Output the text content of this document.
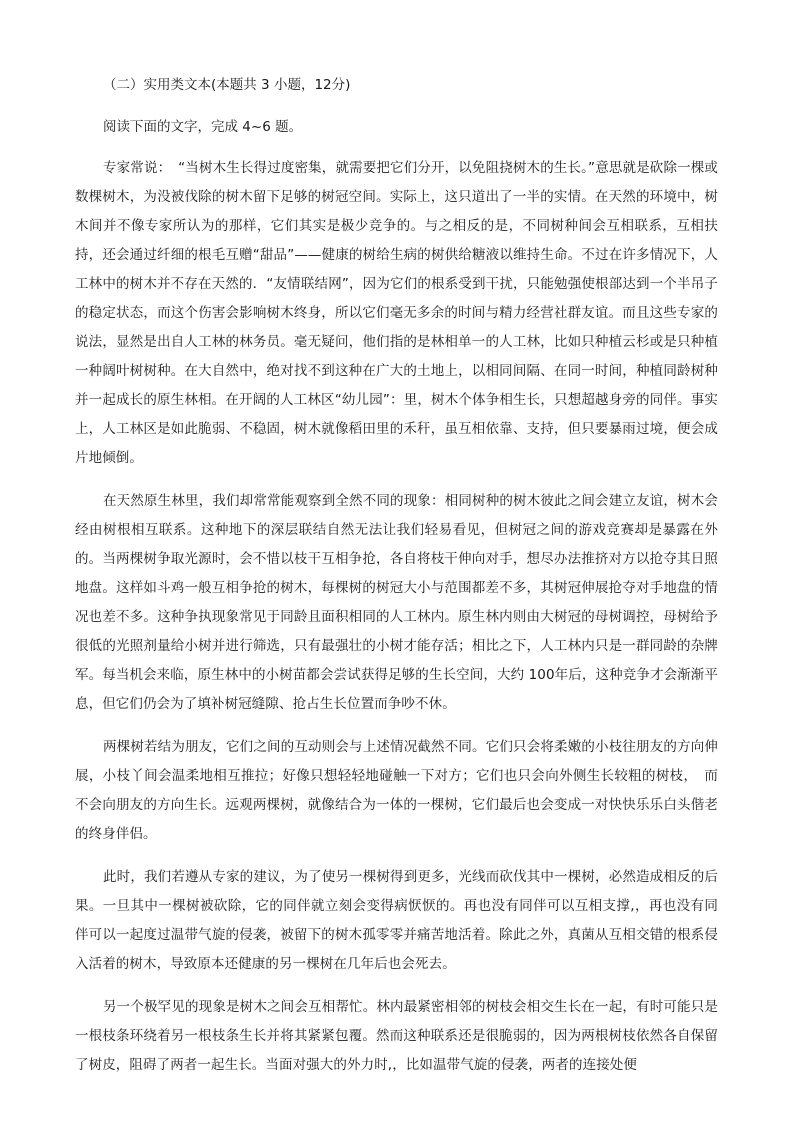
（二）实用类文本(本题共 3 小题，12分)
阅读下面的文字，完成 4~6 题。

专家常说：　“当树木生长得过度密集，就需要把它们分开，以免阻挠树木的生长。”意思就是砍除一棵或数棵树木，为没被伐除的树木留下足够的树冠空间。实际上，这只道出了一半的实情。在天然的环境中，树木间并不像专家所认为的那样，它们其实是极少竞争的。与之相反的是，不同树种间会互相联系，互相扶持，还会通过纤细的根毛互赠“甜品”——健康的树给生病的树供给糖液以维持生命。不过在许多情况下，人工林中的树木并不存在天然的．“友情联结网”，因为它们的根系受到干扰，只能勉强使根部达到一个半吊子的稳定状态，而这个伤害会影响树木终身，所以它们毫无多余的时间与精力经营社群友谊。而且这些专家的说法，显然是出自人工林的林务员。毫无疑问，他们指的是林相单一的人工林，比如只种植云杉或是只种植一种阔叶树树种。在大自然中，绝对找不到这种在广大的土地上，以相同间隔、在同一时间，种植同龄树种并一起成长的原生林相。在开阔的人工林区“幼儿园”：里，树木个体争相生长，只想超越身旁的同伴。事实上，人工林区是如此脆弱、不稳固，树木就像稻田里的禾秆，虽互相依靠、支持，但只要暴雨过境，便会成片地倾倒。

在天然原生林里，我们却常常能观察到全然不同的现象：相同树种的树木彼此之间会建立友谊，树木会经由树根相互联系。这种地下的深层联结自然无法让我们轻易看见，但树冠之间的游戏竞赛却是暴露在外的。当两棵树争取光源时，会不惜以枝干互相争抢，各自将枝干伸向对手，想尽办法推挤对方以抢夺其日照地盘。这样如斗鸡一般互相争抢的树木，每棵树的树冠大小与范围都差不多，其树冠伸展抢夺对手地盘的情况也差不多。这种争执现象常见于同龄且面积相同的人工林内。原生林内则由大树冠的母树调控，母树给予很低的光照剂量给小树并进行筛选，只有最强壮的小树才能存活；相比之下，人工林内只是一群同龄的杂牌军。每当机会来临，原生林中的小树苗都会尝试获得足够的生长空间，大约 100年后，这种竞争才会渐渐平息，但它们仍会为了填补树冠缝隙、抢占生长位置而争吵不休。

两棵树若结为朋友，它们之间的互动则会与上述情况截然不同。它们只会将柔嫩的小枝往朋友的方向伸展，小枝丫间会温柔地相互推拉；好像只想轻轻地碰触一下对方；它们也只会向外侧生长较粗的树枝，　而不会向朋友的方向生长。远观两棵树，就像结合为一体的一棵树，它们最后也会变成一对快快乐乐白头偕老的终身伴侣。

此时，我们若遵从专家的建议，为了使另一棵树得到更多，光线而砍伐其中一棵树，必然造成相反的后果。一旦其中一棵树被砍除，它的同伴就立刻会变得病恹恹的。再也没有同伴可以互相支撑,，再也没有同伴可以一起度过温带气旋的侵袭，被留下的树木孤零零并痛苦地活着。除此之外，真菌从互相交错的根系侵入活着的树木，导致原本还健康的另一棵树在几年后也会死去。

另一个极罕见的现象是树木之间会互相帮忙。林内最紧密相邻的树枝会相交生长在一起，有时可能只是一根枝条环绕着另一根枝条生长并将其紧紧包覆。然而这种联系还是很脆弱的，因为两根树枝依然各自保留了树皮，阻碍了两者一起生长。当面对强大的外力时,，比如温带气旋的侵袭，两者的连接处便
